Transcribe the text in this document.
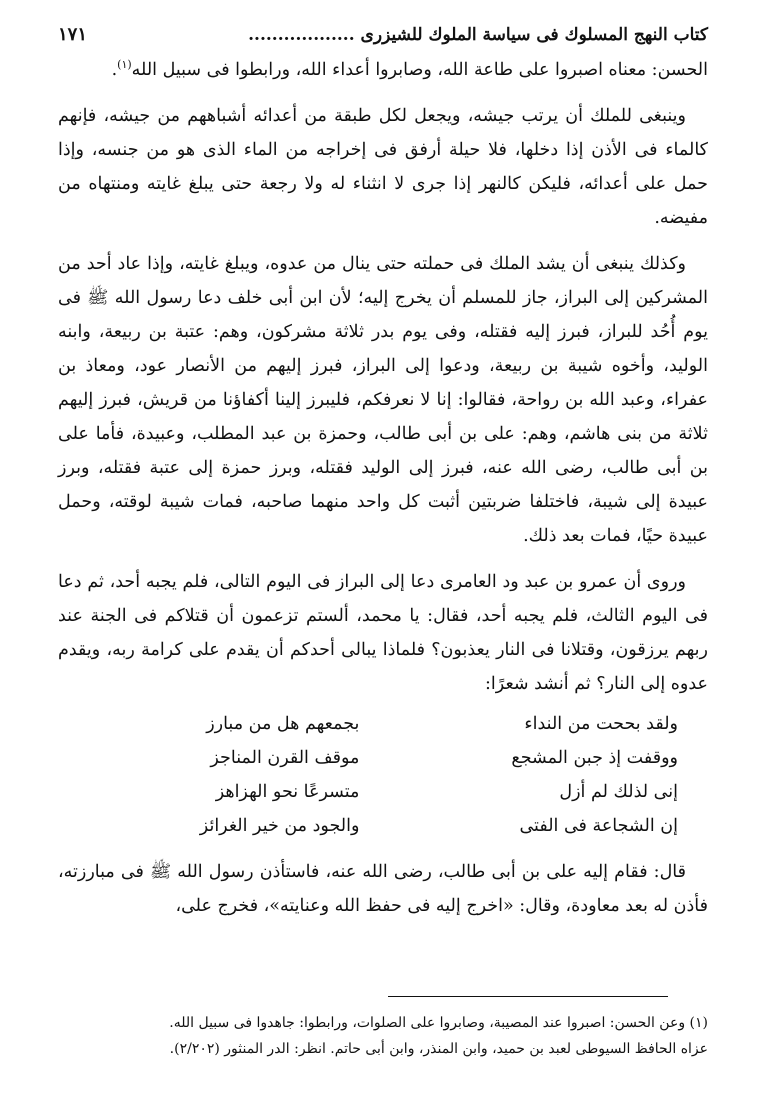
كتاب النهج المسلوك فى سياسة الملوك للشيزرى ..................
١٧١

الحسن: معناه اصبروا على طاعة الله، وصابروا أعداء الله، ورابطوا فى سبيل الله$^{(١)}$.

وينبغى للملك أن يرتب جيشه، ويجعل لكل طبقة من أعدائه أشباههم من جيشه، فإنهم كالماء فى الأذن إذا دخلها، فلا حيلة أرفق فى إخراجه من الماء الذى هو من جنسه، وإذا حمل على أعدائه، فليكن كالنهر إذا جرى لا انثناء له ولا رجعة حتى يبلغ غايته ومنتهاه من مفيضه.

وكذلك ينبغى أن يشد الملك فى حملته حتى ينال من عدوه، ويبلغ غايته، وإذا عاد أحد من المشركين إلى البراز، جاز للمسلم أن يخرج إليه؛ لأن ابن أبى خلف دعا رسول الله ﷺ فى يوم أُحُد للبراز، فبرز إليه فقتله، وفى يوم بدر ثلاثة مشركون، وهم: عتبة بن ربيعة، وابنه الوليد، وأخوه شيبة بن ربيعة، ودعوا إلى البراز، فبرز إليهم من الأنصار عود، ومعاذ بن عفراء، وعبد الله بن رواحة، فقالوا: إنا لا نعرفكم، فليبرز إلينا أكفاؤنا من قريش، فبرز إليهم ثلاثة من بنى هاشم، وهم: على بن أبى طالب، وحمزة بن عبد المطلب، وعبيدة، فأما على بن أبى طالب، رضى الله عنه، فبرز إلى الوليد فقتله، وبرز حمزة إلى عتبة فقتله، وبرز عبيدة إلى شيبة، فاختلفا ضربتين أثبت كل واحد منهما صاحبه، فمات شيبة لوقته، وحمل عبيدة حيًا، فمات بعد ذلك.

وروى أن عمرو بن عبد ود العامرى دعا إلى البراز فى اليوم التالى، فلم يجبه أحد، ثم دعا فى اليوم الثالث، فلم يجبه أحد، فقال: يا محمد، ألستم تزعمون أن قتلاكم فى الجنة عند ربهم يرزقون، وقتلانا فى النار يعذبون؟ فلماذا يبالى أحدكم أن يقدم على كرامة ربه، ويقدم عدوه إلى النار؟ ثم أنشد شعرًا:

ولقد بححت من النداء
بجمعهم هل من مبارز
ووقفت إذ جبن المشجع
موقف القرن المناجز
إنى لذلك لم أزل
متسرعًا نحو الهزاهز
إن الشجاعة فى الفتى
والجود من خير الغرائز

قال: فقام إليه على بن أبى طالب، رضى الله عنه، فاستأذن رسول الله ﷺ فى مبارزته، فأذن له بعد معاودة، وقال: «اخرج إليه فى حفظ الله وعنايته»، فخرج على،

(١) وعن الحسن: اصبروا عند المصيبة، وصابروا على الصلوات، ورابطوا: جاهدوا فى سبيل الله.
عزاه الحافظ السيوطى لعبد بن حميد، وابن المنذر، وابن أبى حاتم. انظر: الدر المنثور (٢/٢٠٢).
